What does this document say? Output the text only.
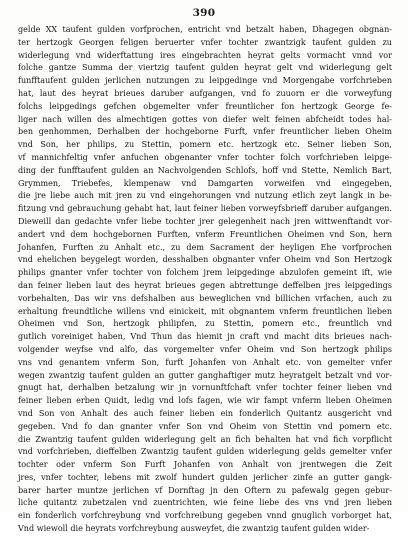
390
gelde XX taufent gulden vorfprochen, entricht vnd betzalt haben, Dhagegen obgnan-
ter hertzogk Georgen feligen beruerter vnfer tochter zwantzigk taufent gulden zu
widerlegung vnd widerftattung ires eingebrachten heyrat gelts vormacht vnnd vor
folche gantze Summa der viertzig taufent gulden heyrat gelt vnd widerlegung gelt
funfftaufent gulden jerlichen nutzungen zu leipgedinge vnd Morgengabe vorfchrieben
hat, laut des heyrat brieues daruber aufgangen, vnd fo zuuorn er die vorweyfung
folchs leipgedings gefchen obgemelter vnfer freuntlicher fon hertzogk George fe-
liger nach willen des almechtigen gottes von diefer welt feinen abfcheidt todes hal-
ben genhommen, Derhalben der hochgeborne Furft, vnfer freuntlicher lieben Oheim
vnd Son, her philips, zu Stettin, pomern etc. hertzogk etc. Seiner lieben Son,
vf mannichfeltig vnfer anfuchen obgenanter vnfer tochter folch vorfchrieben leipge-
ding der funfftaufent gulden an Nachvolgenden Schlofs, hoff vnd Stette, Nemlich Bart,
Grymmen, Triebefes, klempenaw vnd Damgarten vorweifen vnd eingegeben,
die jre liebe auch mit jren zu vnd eingehorungen vnd nutzung etlich zeyt langk in be-
fitzung vnd gebrauchung gehabt hat, laut feiner lieben vorweyfsbrieff daruber aufgangen.
Dieweill dan gedachte vnfer liebe tochter jrer gelegenheit nach jren wittwenftandt vor-
andert vnd dem hochgebornen Furften, vnferm Freuntlichen Oheimen vnd Son, hern
Johanfen, Furften zu Anhalt etc., zu dem Sacrament der heyligen Ehe vorfprochen
vnd ehelichen beygelegt worden, desshalben obgnanter vnfer Oheim vnd Son Hertzogk
philips gnanter vnfer tochter von folchem jrem leipgedinge abzulofen gemeint ift, wie
dan feiner lieben laut des heyrat brieues gegen abtrettunge deffelben jres leipgedings
vorbehalten, Das wir vns defshalben aus beweglichen vnd billichen vrfachen, auch zu
erhaltung freundtliche willens vnd einickeit, mit obgnantem vnferm freuntlichen lieben
Oheimen vnd Son, hertzogk philipfen, zu Stettin, pomern etc., freuntlich vnd
gutlich voreiniget haben, Vnd Thun das hiemit jn craft vnd macht dits brieues nach-
volgender weyfse vnd alfo, das vorgemelter vnfer Oheim vnd Son hertzogk philips
vns vnd genantem vnferm Son, furft Johanfen von Anhalt etc. von gemelter vnfer
wegen zwantzig taufent gulden an gutter ganghaftiger mutz heyratgelt betzalt vnd vor-
gnugt hat, derhalben betzalung wir jn vornunftfchaft vnfer tochter feiner lieben vnd
feiner lieben erben Quidt, ledig vnd lofs fagen, wie wir fampt vnferm lieben Oheimen
vnd Son von Anhalt des auch feiner lieben ein fonderlich Quitantz ausgericht vnd
gegeben. Vnd fo dan gnanter vnfer Son vnd Oheim von Stettin vnd pomern etc.
die Zwantzig taufent gulden widerlegung gelt an fich behalten hat vnd fich vorpflicht
vnd vorfchrieben, dieffelben Zwantzig taufent gulden widerlegung gelds gemelter vnfer
tochter oder vnferm Son Furft Johanfen von Anhalt von jrentwegen die Zeit
jres, vnfer tochter, lebens mit zwolf hundert gulden jerlicher zinfe an gutter gangk-
barer harter muntze jerlichen vf Dornftag jn den Oftern zu pafewalg gegen gebur-
liche quitantz zubetzalen vnd zuentrichten, wie feine liebe des vns vnd jren lieben
ein fonderlich vorfchreybung vnd vorfchreibung gegeben vnnd gnuglich vorborget hat,
Vnd wiewoll die heyrats vorfchreybung ausweyfet, die zwantzig taufent gulden wider-
